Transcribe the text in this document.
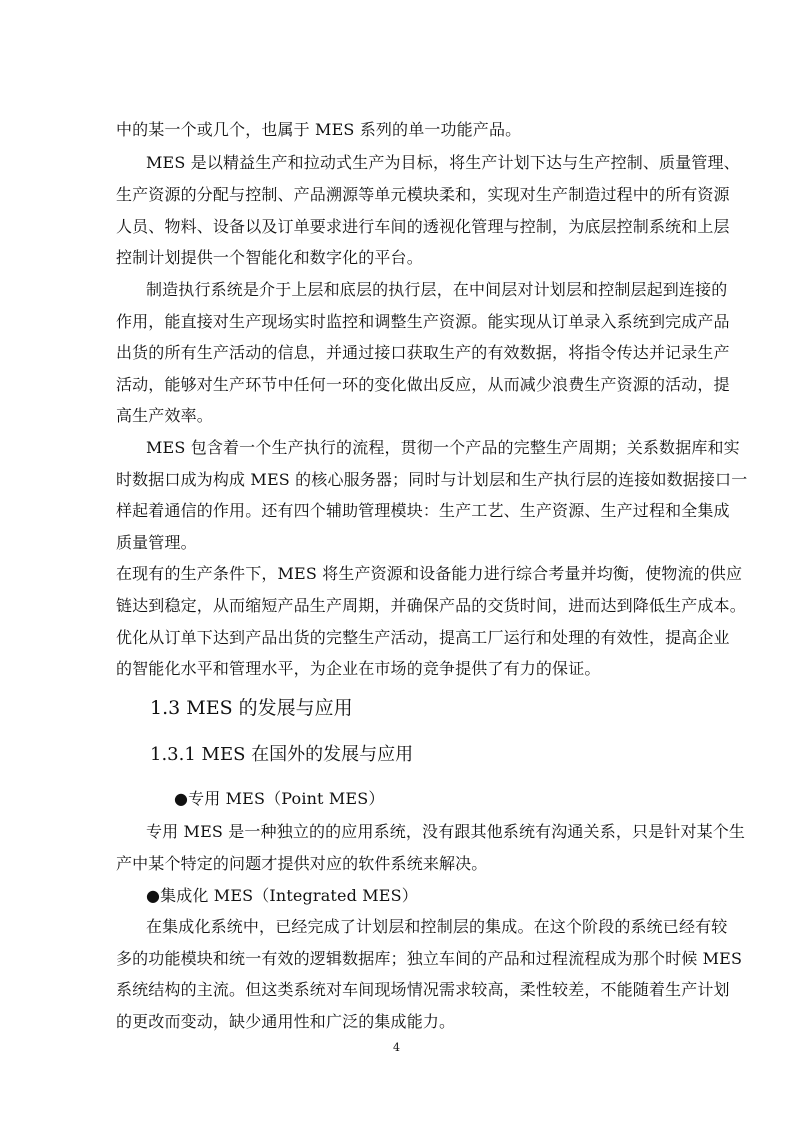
中的某一个或几个，也属于 MES 系列的单一功能产品。
MES 是以精益生产和拉动式生产为目标，将生产计划下达与生产控制、质量管理、
生产资源的分配与控制、产品溯源等单元模块柔和，实现对生产制造过程中的所有资源
人员、物料、设备以及订单要求进行车间的透视化管理与控制，为底层控制系统和上层
控制计划提供一个智能化和数字化的平台。
制造执行系统是介于上层和底层的执行层，在中间层对计划层和控制层起到连接的
作用，能直接对生产现场实时监控和调整生产资源。能实现从订单录入系统到完成产品
出货的所有生产活动的信息，并通过接口获取生产的有效数据，将指令传达并记录生产
活动，能够对生产环节中任何一环的变化做出反应，从而减少浪费生产资源的活动，提
高生产效率。
MES 包含着一个生产执行的流程，贯彻一个产品的完整生产周期；关系数据库和实
时数据口成为构成 MES 的核心服务器；同时与计划层和生产执行层的连接如数据接口一
样起着通信的作用。还有四个辅助管理模块：生产工艺、生产资源、生产过程和全集成
质量管理。
在现有的生产条件下，MES 将生产资源和设备能力进行综合考量并均衡，使物流的供应
链达到稳定，从而缩短产品生产周期，并确保产品的交货时间，进而达到降低生产成本。
优化从订单下达到产品出货的完整生产活动，提高工厂运行和处理的有效性，提高企业
的智能化水平和管理水平，为企业在市场的竞争提供了有力的保证。
1.3 MES 的发展与应用
1.3.1 MES 在国外的发展与应用
●专用 MES（Point MES）
专用 MES 是一种独立的的应用系统，没有跟其他系统有沟通关系，只是针对某个生
产中某个特定的问题才提供对应的软件系统来解决。
●集成化 MES（Integrated MES）
在集成化系统中，已经完成了计划层和控制层的集成。在这个阶段的系统已经有较
多的功能模块和统一有效的逻辑数据库；独立车间的产品和过程流程成为那个时候 MES
系统结构的主流。但这类系统对车间现场情况需求较高，柔性较差，不能随着生产计划
的更改而变动，缺少通用性和广泛的集成能力。
4
